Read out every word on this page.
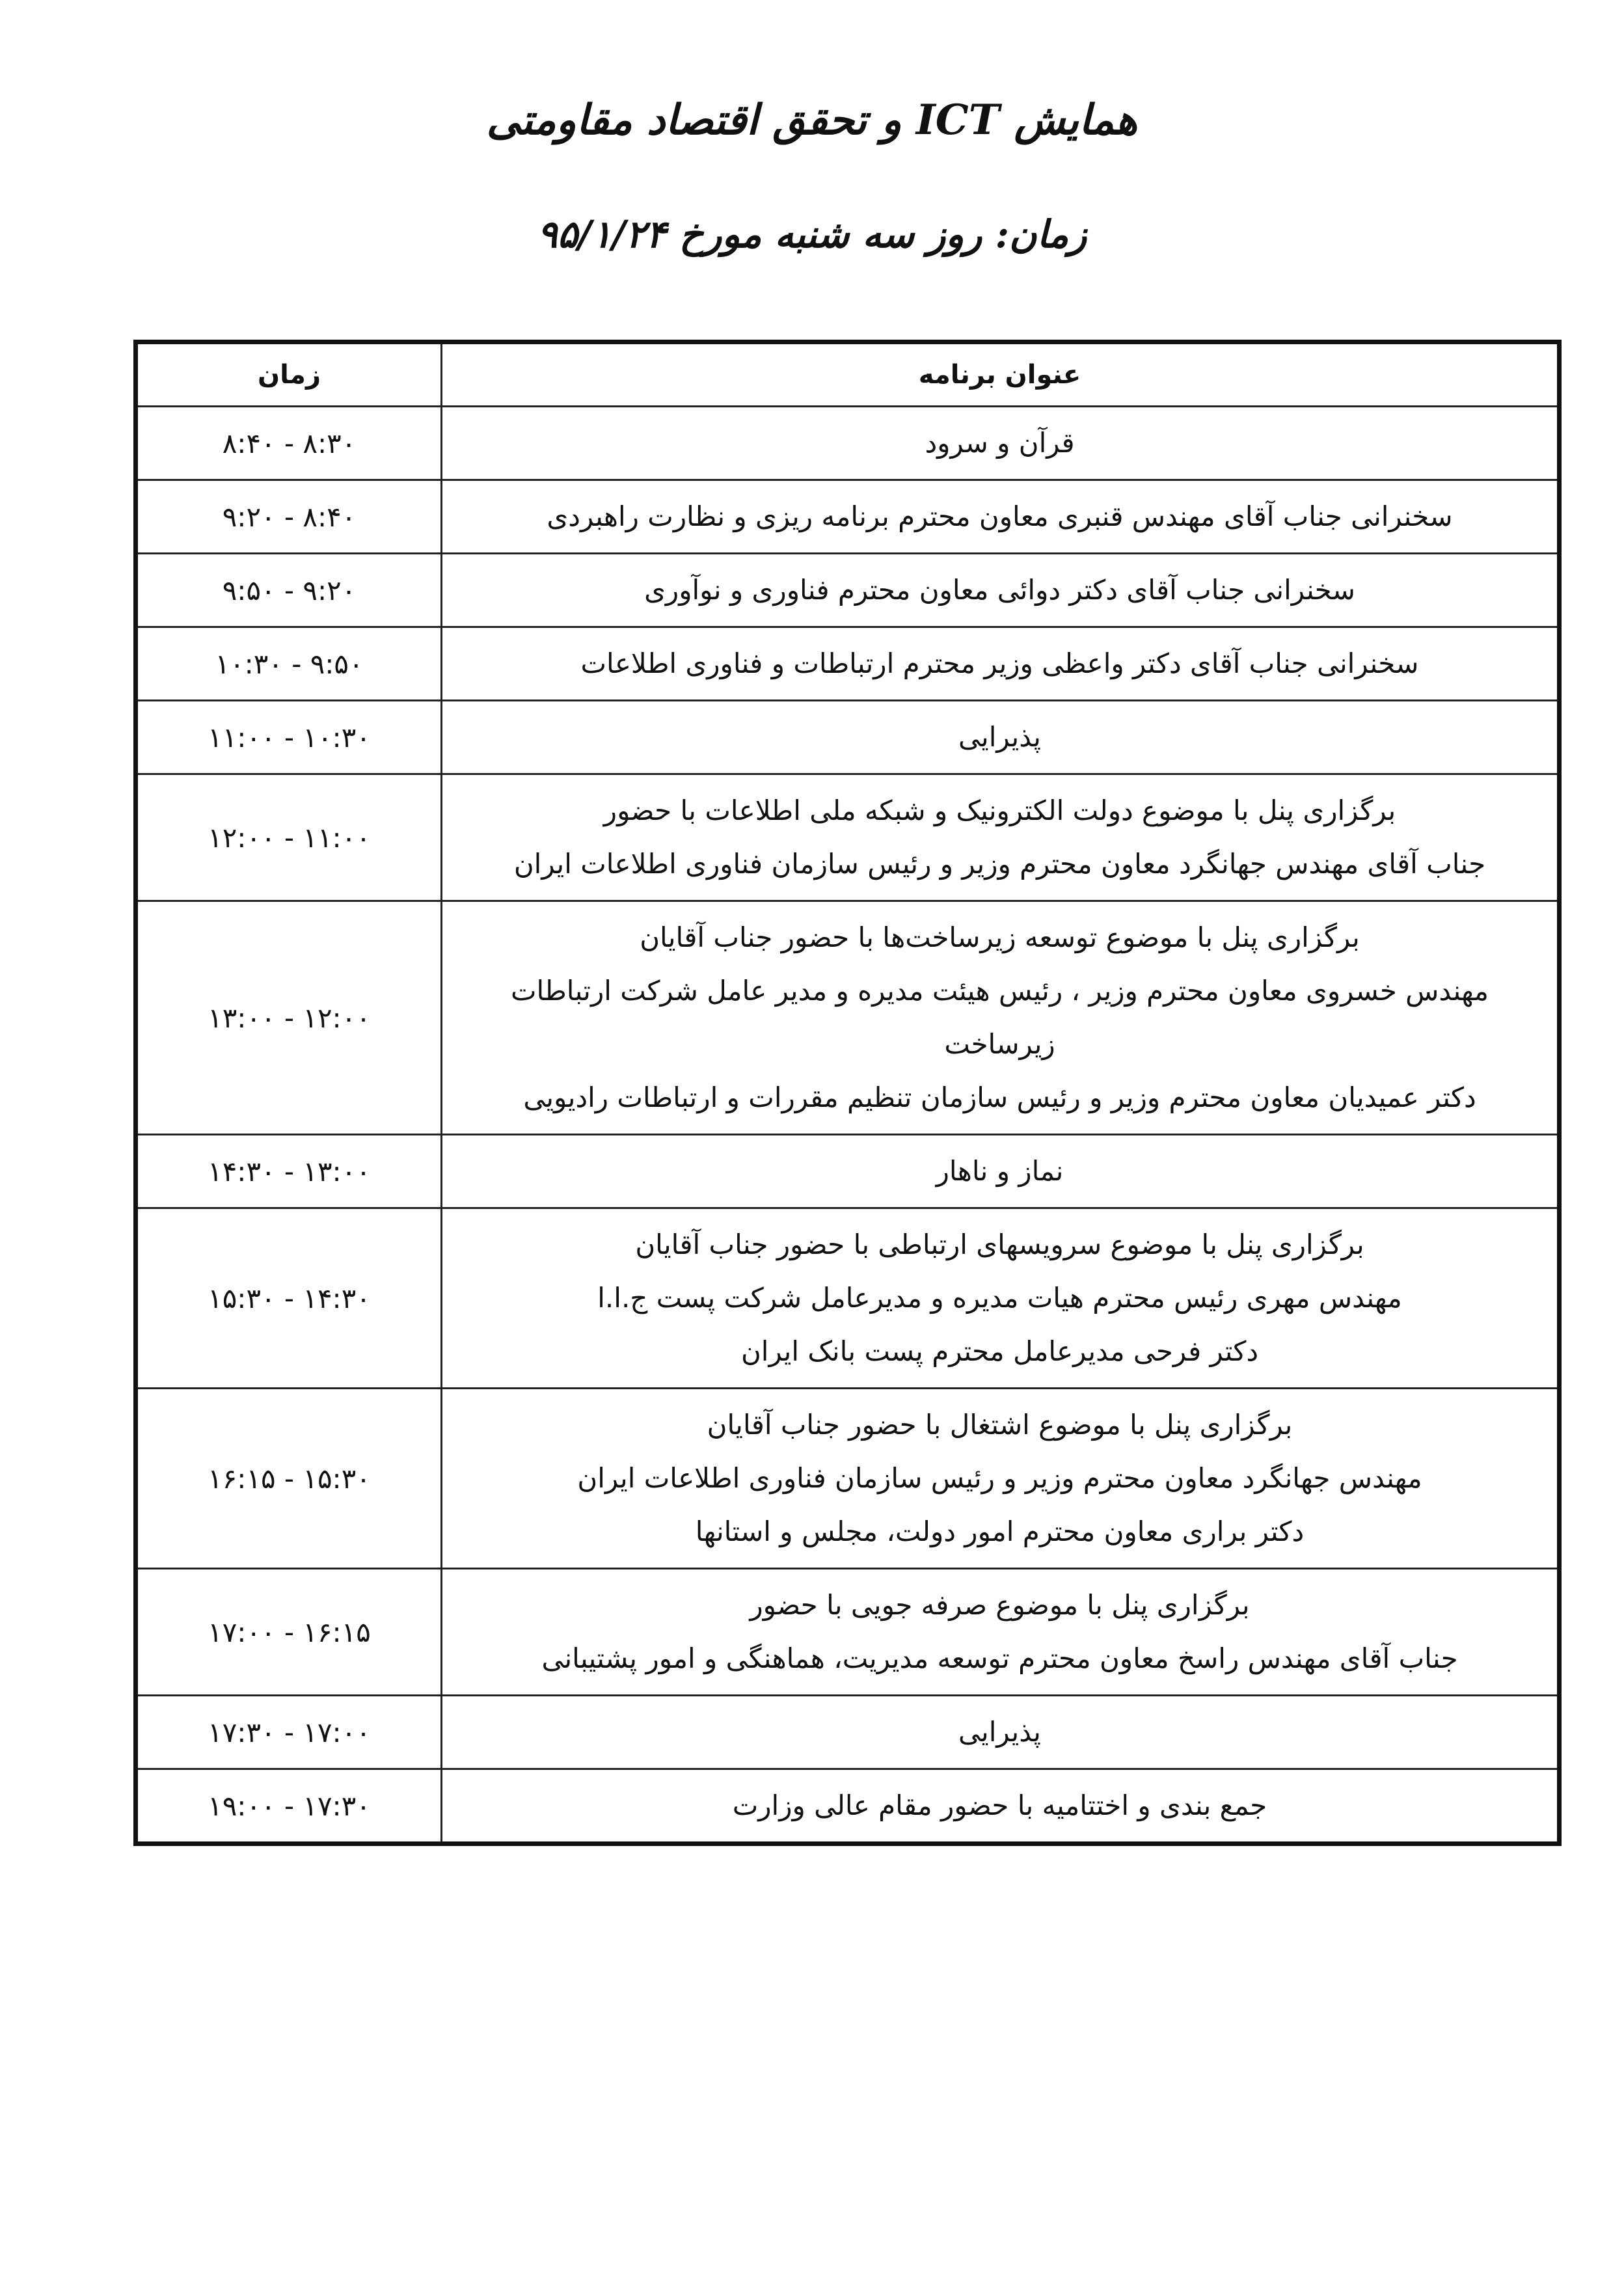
همایش ICT و تحقق اقتصاد مقاومتی
زمان: روز سه شنبه مورخ ۹۵/۱/۲۴
عنوان برنامه	زمان

قرآن و سرود	۸:۳۰ - ۸:۴۰

سخنرانی جناب آقای مهندس قنبری معاون محترم برنامه ریزی و نظارت راهبردی	۸:۴۰ - ۹:۲۰

سخنرانی جناب آقای دکتر دوائی معاون محترم فناوری و نوآوری	۹:۲۰ - ۹:۵۰

سخنرانی جناب آقای دکتر واعظی وزیر محترم ارتباطات و فناوری اطلاعات	۹:۵۰ - ۱۰:۳۰

پذیرایی	۱۰:۳۰ - ۱۱:۰۰

برگزاری پنل با موضوع دولت الکترونیک و شبکه ملی اطلاعات با حضور
جناب آقای مهندس جهانگرد معاون محترم وزیر و رئیس سازمان فناوری اطلاعات ایران	۱۱:۰۰ - ۱۲:۰۰

برگزاری پنل با موضوع توسعه زیرساخت‌ها با حضور جناب آقایان
مهندس خسروی معاون محترم وزیر ، رئیس هیئت مدیره و مدیر عامل شرکت ارتباطات زیرساخت
دکتر عمیدیان معاون محترم وزیر و رئیس سازمان تنظیم مقررات و ارتباطات رادیویی	۱۲:۰۰ - ۱۳:۰۰

نماز و ناهار	۱۳:۰۰ - ۱۴:۳۰

برگزاری پنل با موضوع سرویسهای ارتباطی با حضور جناب آقایان
مهندس مهری رئیس محترم هیات مدیره و مدیرعامل شرکت پست ج.ا.ا
دکتر فرحی مدیرعامل محترم پست بانک ایران	۱۴:۳۰ - ۱۵:۳۰

برگزاری پنل با موضوع اشتغال با حضور جناب آقایان
مهندس جهانگرد معاون محترم وزیر و رئیس سازمان فناوری اطلاعات ایران
دکتر براری معاون محترم امور دولت، مجلس و استانها	۱۵:۳۰ - ۱۶:۱۵

برگزاری پنل با موضوع صرفه جویی با حضور
جناب آقای مهندس راسخ معاون محترم توسعه مدیریت، هماهنگی و امور پشتیبانی	۱۶:۱۵ - ۱۷:۰۰

پذیرایی	۱۷:۰۰ - ۱۷:۳۰

جمع بندی و اختتامیه با حضور مقام عالی وزارت	۱۷:۳۰ - ۱۹:۰۰
